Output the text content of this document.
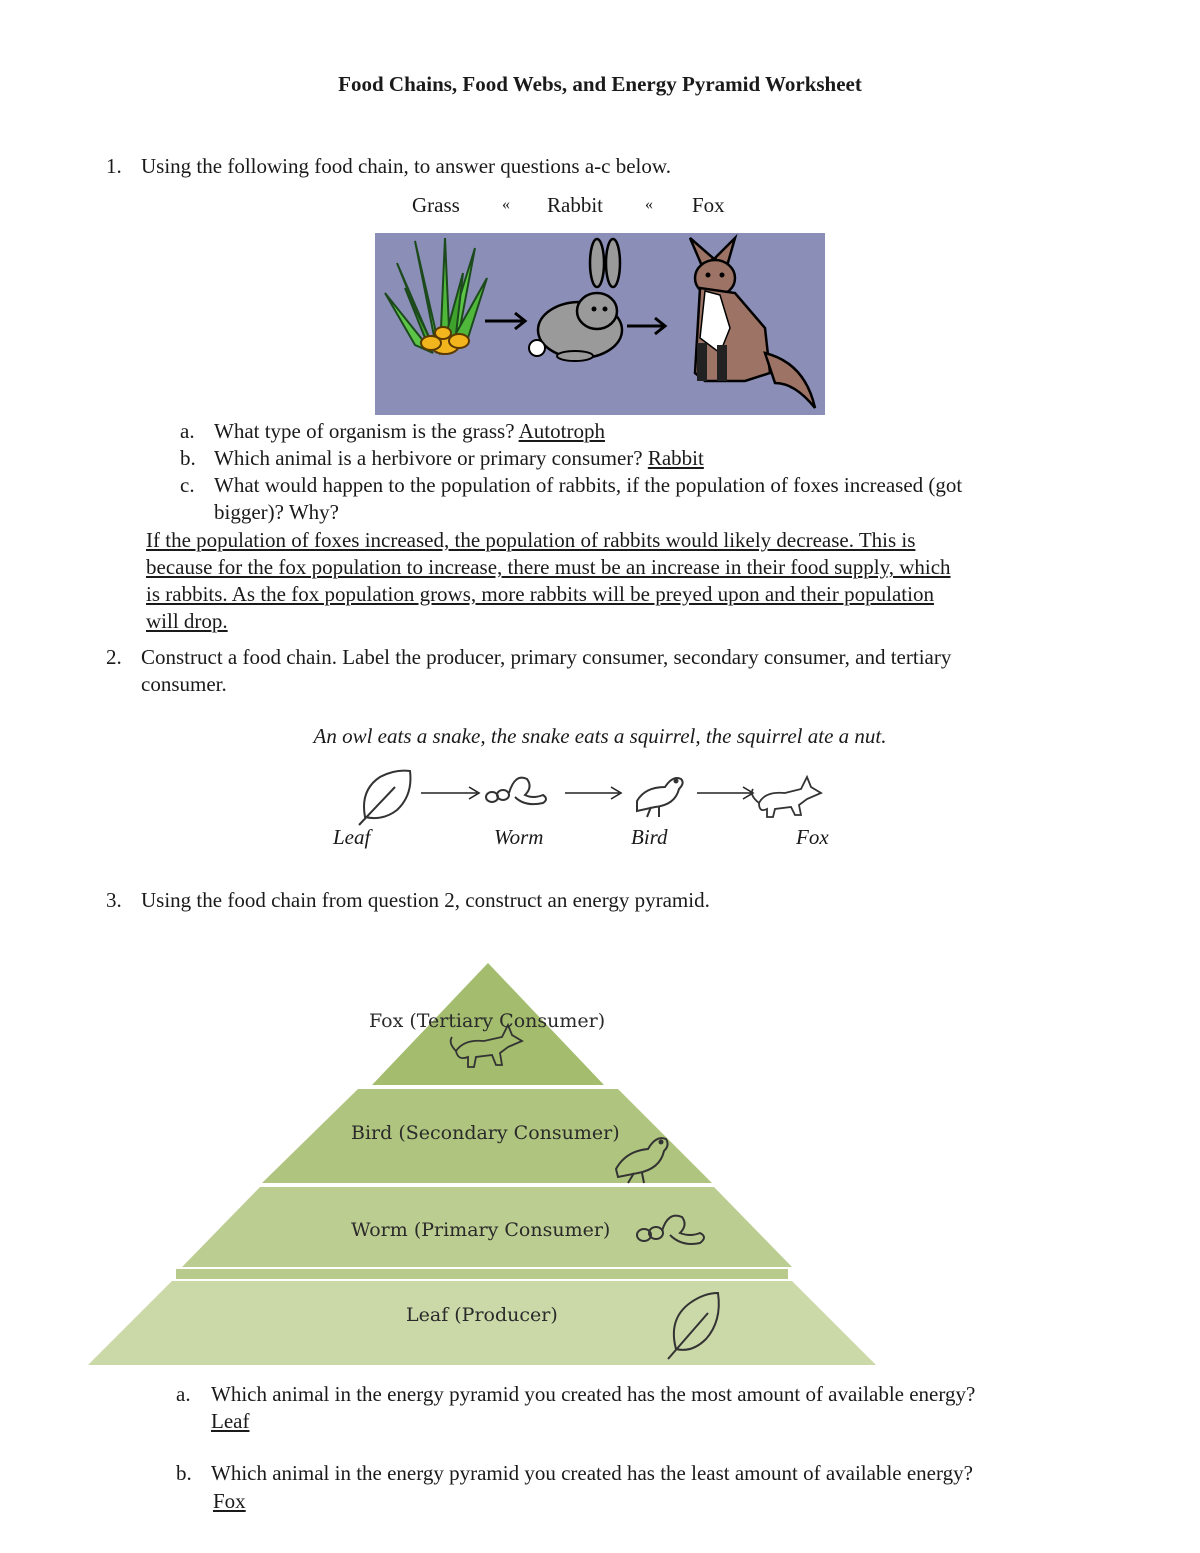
Food Chains, Food Webs, and Energy Pyramid Worksheet
1. Using the following food chain, to answer questions a-c below.
Grass	« Rabbit	« Fox
a. What type of organism is the grass? Autotroph
b. Which animal is a herbivore or primary consumer? Rabbit
c. What would happen to the population of rabbits, if the population of foxes increased (got
bigger)? Why?
If the population of foxes increased, the population of rabbits would likely decrease. This is
because for the fox population to increase, there must be an increase in their food supply, which
is rabbits. As the fox population grows, more rabbits will be preyed upon and their population
will drop.
2. Construct a food chain. Label the producer, primary consumer, secondary consumer, and tertiary
consumer.
An owl eats a snake, the snake eats a squirrel, the squirrel ate a nut.
Leaf	Worm	Bird	Fox
3. Using the food chain from question 2, construct an energy pyramid.
Fox (Tertiary Consumer)
Bird (Secondary Consumer)
Worm (Primary Consumer)
Leaf (Producer)
a. Which animal in the energy pyramid you created has the most amount of available energy?
Leaf
b. Which animal in the energy pyramid you created has the least amount of available energy?
Fox
